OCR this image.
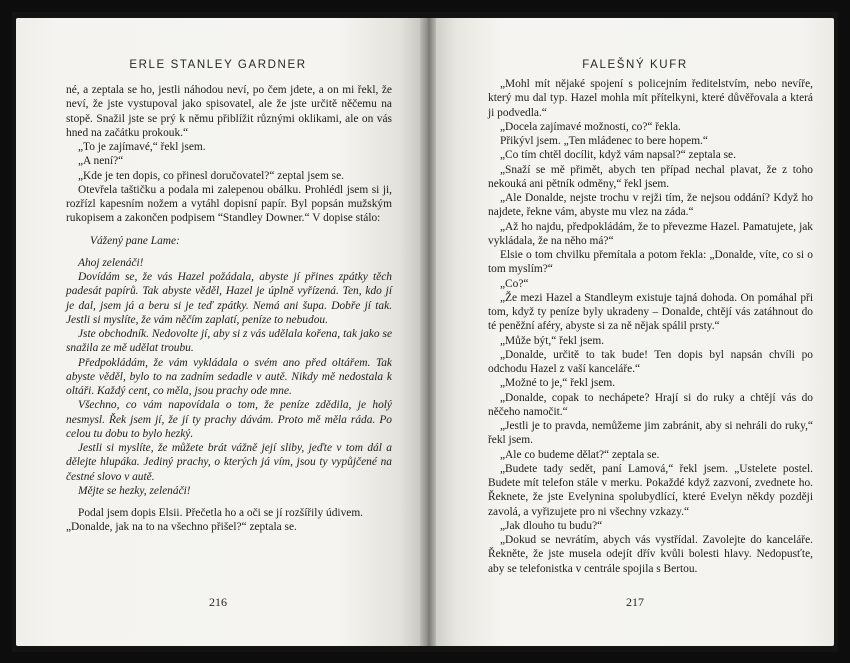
ERLE STANLEY GARDNER

né, a zeptala se ho, jestli náhodou neví, po čem jdete, a on mi řekl, že neví, že jste vystupoval jako spisovatel, ale že jste určitě něčemu na stopě. Snažil jste se prý k němu přiblížit různými oklikami, ale on vás hned na začátku prokouk.“

„To je zajímavé,“ řekl jsem.

„A není?“

„Kde je ten dopis, co přinesl doručovatel?“ zeptal jsem se.

Otevřela taštičku a podala mi zalepenou obálku. Prohlédl jsem si ji, rozřízl kapesním nožem a vytáhl dopisní papír. Byl popsán mužským rukopisem a zakončen podpisem “Standley Downer.“ V dopise stálo:

Vážený pane Lame:

Ahoj zelenáči!

Dovídám se, že vás Hazel požádala, abyste jí přines zpátky těch padesát papírů. Tak abyste věděl, Hazel je úplně vyřízená. Ten, kdo jí je dal, jsem já a beru si je teď zpátky. Nemá ani šupa. Dobře jí tak. Jestli si myslíte, že vám něčím zaplatí, peníze to nebudou.

Jste obchodník. Nedovolte jí, aby si z vás udělala kořena, tak jako se snažila ze mě udělat troubu.

Předpokládám, že vám vykládala o svém ano před oltářem. Tak abyste věděl, bylo to na zadním sedadle v autě. Nikdy mě nedostala k oltáři. Každý cent, co měla, jsou prachy ode mne.

Všechno, co vám napovídala o tom, že peníze zdědila, je holý nesmysl. Řek jsem jí, že jí ty prachy dávám. Proto mě měla ráda. Po celou tu dobu to bylo hezký.

Jestli si myslíte, že můžete brát vážně její sliby, jeďte v tom dál a dělejte hlupáka. Jediný prachy, o kterých já vím, jsou ty vypůjčené na čestné slovo v autě.

Mějte se hezky, zelenáči!

Podal jsem dopis Elsii. Přečetla ho a oči se jí rozšířily údivem.

„Donalde, jak na to na všechno přišel?“ zeptala se.

216
FALEŠNÝ KUFR

„Mohl mít nějaké spojení s policejním ředitelstvím, nebo nevíře, který mu dal typ. Hazel mohla mít přítelkyni, které důvěřovala a která ji podvedla.“

„Docela zajímavé možnosti, co?“ řekla.

Přikývl jsem. „Ten mládenec to bere hopem.“

„Co tím chtěl docílit, když vám napsal?“ zeptala se.

„Snaží se mě přimět, abych ten případ nechal plavat, že z toho nekouká ani pětník odměny,“ řekl jsem.

„Ale Donalde, nejste trochu v rejži tím, že nejsou oddání? Když ho najdete, řekne vám, abyste mu vlez na záda.“

„Až ho najdu, předpokládám, že to převezme Hazel. Pamatujete, jak vykládala, že na něho má?“

Elsie o tom chvilku přemítala a potom řekla: „Donalde, víte, co si o tom myslím?“

„Co?“

„Že mezi Hazel a Standleym existuje tajná dohoda. On pomáhal při tom, když ty peníze byly ukradeny – Donalde, chtějí vás zatáhnout do té peněžní aféry, abyste si za ně nějak spálil prsty.“

„Může být,“ řekl jsem.

„Donalde, určitě to tak bude! Ten dopis byl napsán chvíli po odchodu Hazel z vaší kanceláře.“

„Možné to je,“ řekl jsem.

„Donalde, copak to nechápete? Hrají si do ruky a chtějí vás do něčeho namočit.“

„Jestli je to pravda, nemůžeme jim zabránit, aby si nehráli do ruky,“ řekl jsem.

„Ale co budeme dělat?“ zeptala se.

„Budete tady sedět, paní Lamová,“ řekl jsem. „Ustelete postel. Budete mít telefon stále v merku. Pokaždé když zazvoní, zvednete ho. Řeknete, že jste Evelynina spolubydlící, které Evelyn někdy později zavolá, a vyřizujete pro ni všechny vzkazy.“

„Jak dlouho tu budu?“

„Dokud se nevrátím, abych vás vystřídal. Zavolejte do kanceláře. Řekněte, že jste musela odejít dřív kvůli bolesti hlavy. Nedopusťte, aby se telefonistka v centrále spojila s Bertou.

217
